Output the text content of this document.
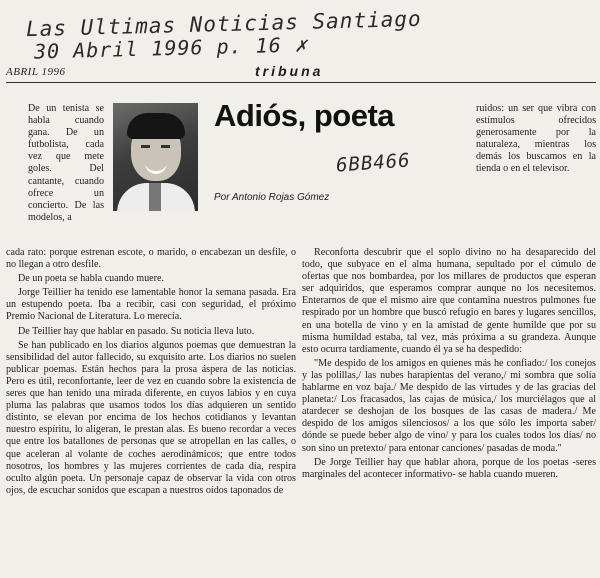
Las Ultimas Noticias Santiago
30 Abril 1996 p. 16 ✗
6BB466
ABRIL 1996	tribuna
Adiós, poeta
Por Antonio Rojas Gómez

De un tenista se habla cuando gana. De un futbolista, cada vez que mete goles. Del cantante, cuando ofrece un concierto. De las modelos, a

cada rato: porque estrenan escote, o marido, o encabezan un desfile, o no llegan a otro desfile.

De un poeta se habla cuando muere.

Jorge Teillier ha tenido ese lamentable honor la semana pasada. Era un estupendo poeta. Iba a recibir, casi con seguridad, el próximo Premio Nacional de Literatura. Lo merecía.

De Teillier hay que hablar en pasado. Su noticia lleva luto.

Se han publicado en los diarios algunos poemas que demuestran la sensibilidad del autor fallecido, su exquisito arte. Los diarios no suelen publicar poemas. Están hechos para la prosa áspera de las noticias. Pero es útil, reconfortante, leer de vez en cuando sobre la existencia de seres que han tenido una mirada diferente, en cuyos labios y en cuya pluma las palabras que usamos todos los días adquieren un sentido distinto, se elevan por encima de los hechos cotidianos y levantan nuestro espíritu, lo aligeran, le prestan alas. Es bueno recordar a veces que entre los batallones de personas que se atropellan en las calles, o que aceleran al volante de coches aerodinámicos; que entre todos nosotros, los hombres y las mujeres corrientes de cada día, respira oculto algún poeta. Un personaje capaz de observar la vida con otros ojos, de escuchar sonidos que escapan a nuestros oídos taponados de

ruidos: un ser que vibra con estímulos ofrecidos generosamente por la naturaleza, mientras los demás los buscamos en la tienda o en el televisor.

Reconforta descubrir que el soplo divino no ha desaparecido del todo, que subyace en el alma humana, sepultado por el cúmulo de ofertas que nos bombardea, por los millares de productos que esperan ser adquiridos, que esperamos comprar aunque no los necesitemos. Enterarnos de que el mismo aire que contamina nuestros pulmones fue respirado por un hombre que buscó refugio en bares y lugares sencillos, en una botella de vino y en la amistad de gente humilde que por su misma humildad estaba, tal vez, más próxima a su grandeza. Aunque esto ocurra tardíamente, cuando él ya se ha despedido:

"Me despido de los amigos en quienes más he confiado:/ los conejos y las polillas,/ las nubes harapientas del verano,/ mi sombra que solía hablarme en voz baja./ Me despido de las virtudes y de las gracias del planeta:/ Los fracasados, las cajas de música,/ los murciélagos que al atardecer se deshojan de los bosques de las casas de madera./ Me despido de los amigos silenciosos/ a los que sólo les importa saber/ dónde se puede beber algo de vino/ y para los cuales todos los días/ no son sino un pretexto/ para entonar canciones/ pasadas de moda."

De Jorge Teillier hay que hablar ahora, porque de los poetas -seres marginales del acontecer informativo- se habla cuando mueren.
